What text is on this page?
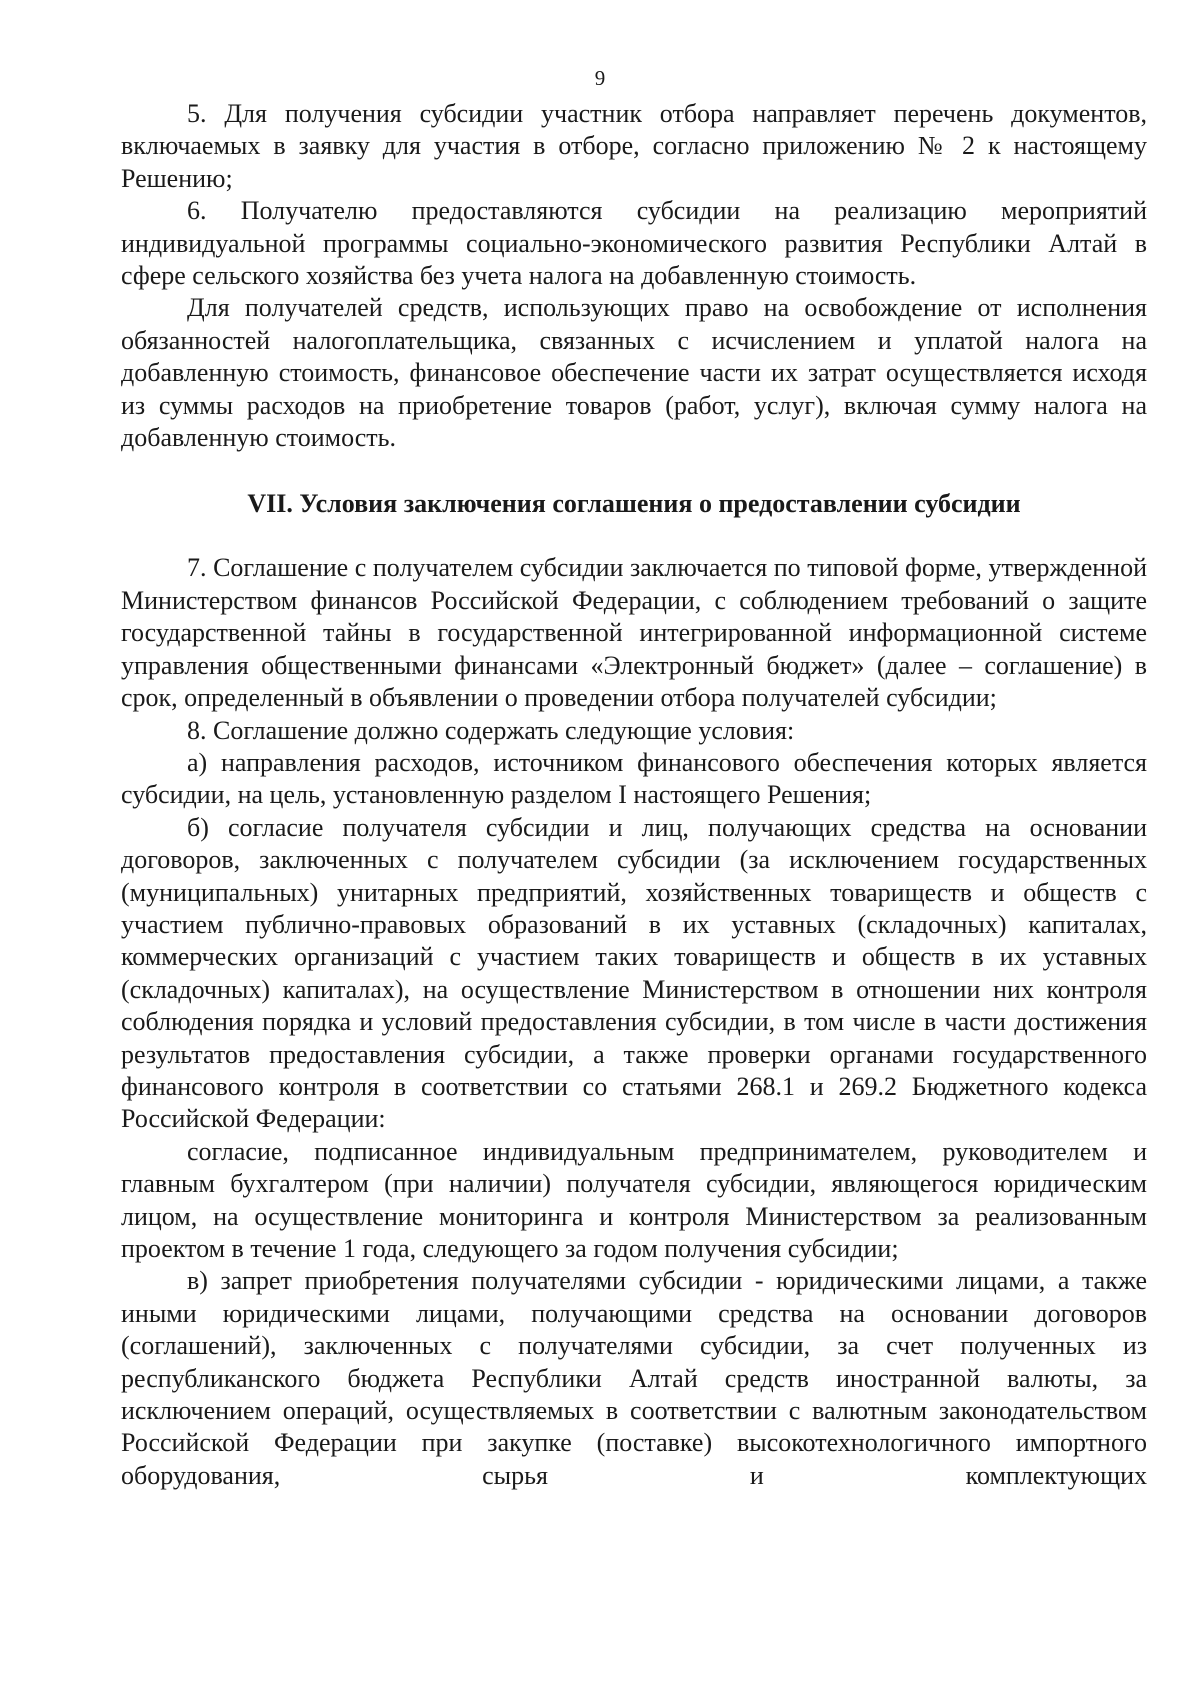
9

5. Для получения субсидии участник отбора направляет перечень документов, включаемых в заявку для участия в отборе, согласно приложению № 2 к настоящему Решению;

6. Получателю предоставляются субсидии на реализацию мероприятий индивидуальной программы социально-экономического развития Республики Алтай в сфере сельского хозяйства без учета налога на добавленную стоимость.

Для получателей средств, использующих право на освобождение от исполнения обязанностей налогоплательщика, связанных с исчислением и уплатой налога на добавленную стоимость, финансовое обеспечение части их затрат осуществляется исходя из суммы расходов на приобретение товаров (работ, услуг), включая сумму налога на добавленную стоимость.

VII. Условия заключения соглашения о предоставлении субсидии

7. Соглашение с получателем субсидии заключается по типовой форме, утвержденной Министерством финансов Российской Федерации, с соблюдением требований о защите государственной тайны в государственной интегрированной информационной системе управления общественными финансами «Электронный бюджет» (далее – соглашение) в срок, определенный в объявлении о проведении отбора получателей субсидии;

8. Соглашение должно содержать следующие условия:

а) направления расходов, источником финансового обеспечения которых является субсидии, на цель, установленную разделом I настоящего Решения;

б) согласие получателя субсидии и лиц, получающих средства на основании договоров, заключенных с получателем субсидии (за исключением государственных (муниципальных) унитарных предприятий, хозяйственных товариществ и обществ с участием публично-правовых образований в их уставных (складочных) капиталах, коммерческих организаций с участием таких товариществ и обществ в их уставных (складочных) капиталах), на осуществление Министерством в отношении них контроля соблюдения порядка и условий предоставления субсидии, в том числе в части достижения результатов предоставления субсидии, а также проверки органами государственного финансового контроля в соответствии со статьями 268.1 и 269.2 Бюджетного кодекса Российской Федерации:

согласие, подписанное индивидуальным предпринимателем, руководителем и главным бухгалтером (при наличии) получателя субсидии, являющегося юридическим лицом, на осуществление мониторинга и контроля Министерством за реализованным проектом в течение 1 года, следующего за годом получения субсидии;

в) запрет приобретения получателями субсидии - юридическими лицами, а также иными юридическими лицами, получающими средства на основании договоров (соглашений), заключенных с получателями субсидии, за счет полученных из республиканского бюджета Республики Алтай средств иностранной валюты, за исключением операций, осуществляемых в соответствии с валютным законодательством Российской Федерации при закупке (поставке) высокотехнологичного импортного оборудования, сырья и комплектующих
